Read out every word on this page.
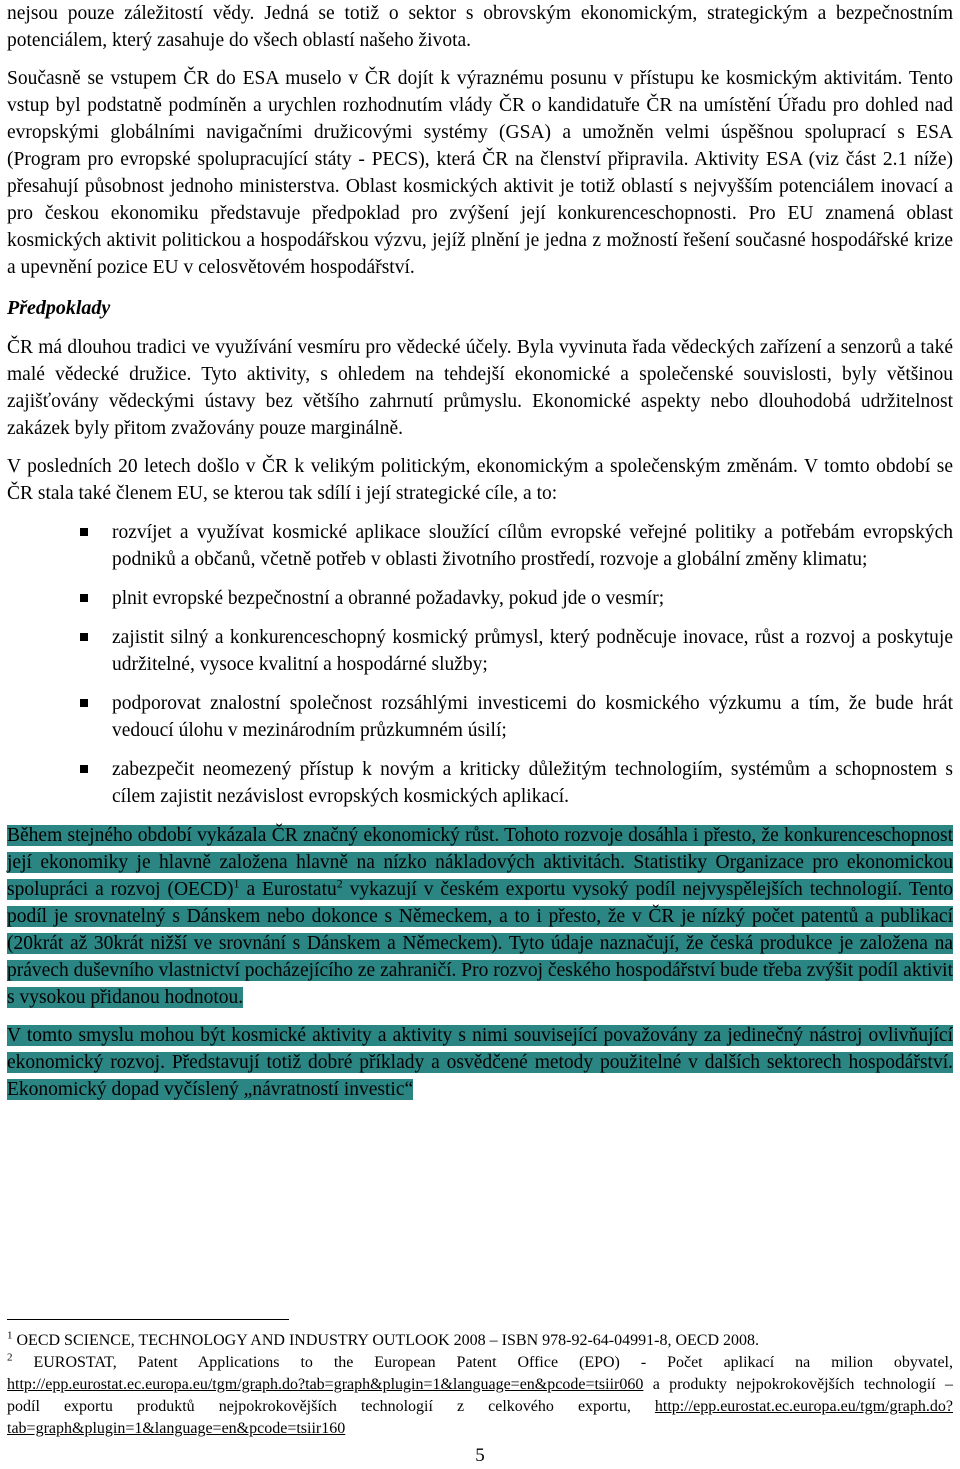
nejsou pouze záležitostí vědy. Jedná se totiž o sektor s obrovským ekonomickým, strategickým a bezpečnostním potenciálem, který zasahuje do všech oblastí našeho života.

Současně se vstupem ČR do ESA muselo v ČR dojít k výraznému posunu v přístupu ke kosmickým aktivitám. Tento vstup byl podstatně podmíněn a urychlen rozhodnutím vlády ČR o kandidatuře ČR na umístění Úřadu pro dohled nad evropskými globálními navigačními družicovými systémy (GSA) a umožněn velmi úspěšnou spoluprací s ESA (Program pro evropské spolupracující státy - PECS), která ČR na členství připravila. Aktivity ESA (viz část 2.1 níže) přesahují působnost jednoho ministerstva. Oblast kosmických aktivit je totiž oblastí s nejvyšším potenciálem inovací a pro českou ekonomiku představuje předpoklad pro zvýšení její konkurenceschopnosti. Pro EU znamená oblast kosmických aktivit politickou a hospodářskou výzvu, jejíž plnění je jedna z možností řešení současné hospodářské krize a upevnění pozice EU v celosvětovém hospodářství.

Předpoklady

ČR má dlouhou tradici ve využívání vesmíru pro vědecké účely. Byla vyvinuta řada vědeckých zařízení a senzorů a také malé vědecké družice. Tyto aktivity, s ohledem na tehdejší ekonomické a společenské souvislosti, byly většinou zajišťovány vědeckými ústavy bez většího zahrnutí průmyslu. Ekonomické aspekty nebo dlouhodobá udržitelnost zakázek byly přitom zvažovány pouze marginálně.

V posledních 20 letech došlo v ČR k velikým politickým, ekonomickým a společenským změnám. V tomto období se ČR stala také členem EU, se kterou tak sdílí i její strategické cíle, a to:

rozvíjet a využívat kosmické aplikace sloužící cílům evropské veřejné politiky a potřebám evropských podniků a občanů, včetně potřeb v oblasti životního prostředí, rozvoje a globální změny klimatu;
plnit evropské bezpečnostní a obranné požadavky, pokud jde o vesmír;
zajistit silný a konkurenceschopný kosmický průmysl, který podněcuje inovace, růst a rozvoj a poskytuje udržitelné, vysoce kvalitní a hospodárné služby;
podporovat znalostní společnost rozsáhlými investicemi do kosmického výzkumu a tím, že bude hrát vedoucí úlohu v mezinárodním průzkumném úsilí;
zabezpečit neomezený přístup k novým a kriticky důležitým technologiím, systémům a schopnostem s cílem zajistit nezávislost evropských kosmických aplikací.

Během stejného období vykázala ČR značný ekonomický růst. Tohoto rozvoje dosáhla i přesto, že konkurenceschopnost její ekonomiky je hlavně založena hlavně na nízko nákladových aktivitách. Statistiky Organizace pro ekonomickou spolupráci a rozvoj (OECD)$^1$ a Eurostatu$^2$ vykazují v českém exportu vysoký podíl nejvyspělejších technologií. Tento podíl je srovnatelný s Dánskem nebo dokonce s Německem, a to i přesto, že v ČR je nízký počet patentů a publikací (20krát až 30krát nižší ve srovnání s Dánskem a Německem). Tyto údaje naznačují, že česká produkce je založena na právech duševního vlastnictví pocházejícího ze zahraničí. Pro rozvoj českého hospodářství bude třeba zvýšit podíl aktivit s vysokou přidanou hodnotou.

V tomto smyslu mohou být kosmické aktivity a aktivity s nimi související považovány za jedinečný nástroj ovlivňující ekonomický rozvoj. Představují totiž dobré příklady a osvědčené metody použitelné v dalších sektorech hospodářství. Ekonomický dopad vyčíslený „návratností investic“

$^1$ OECD SCIENCE, TECHNOLOGY AND INDUSTRY OUTLOOK 2008 – ISBN 978-92-64-04991-8, OECD 2008.

$^2$ EUROSTAT, Patent Applications to the European Patent Office (EPO) - Počet aplikací na milion obyvatel, http://epp.eurostat.ec.europa.eu/tgm/graph.do?tab=graph&plugin=1&language=en&pcode=tsiir060 a produkty nejpokrokovějších technologií – podíl exportu produktů nejpokrokovějších technologií z celkového exportu, http://epp.eurostat.ec.europa.eu/tgm/graph.do?tab=graph&plugin=1&language=en&pcode=tsiir160

5
